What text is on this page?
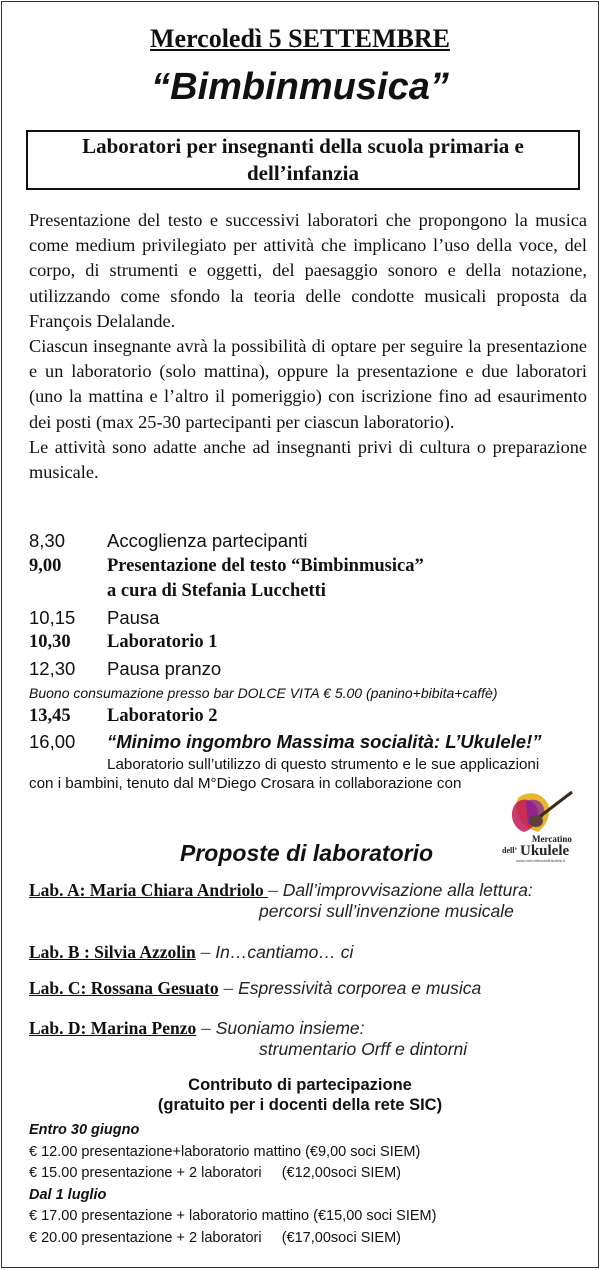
Mercoledì 5 SETTEMBRE
“Bimbinmusica”
Laboratori per insegnanti della scuola primaria e
dell’infanzia

Presentazione del testo e successivi laboratori che propongono la musica come medium privilegiato per attività che implicano l’uso della voce, del corpo, di strumenti e oggetti, del paesaggio sonoro e della notazione, utilizzando come sfondo la teoria delle condotte musicali proposta da François Delalande.

Ciascun insegnante avrà la possibilità di optare per seguire la presentazione e un laboratorio (solo mattina), oppure la presentazione e due laboratori (uno la mattina e l’altro il pomeriggio) con iscrizione fino ad esaurimento dei posti (max 25-30 partecipanti per ciascun laboratorio).

Le attività sono adatte anche ad insegnanti privi di cultura o preparazione musicale.

8,30	Accoglienza partecipanti
9,00	Presentazione del testo “Bimbinmusica”
a cura di Stefania Lucchetti
10,15	Pausa
10,30	Laboratorio 1
12,30	Pausa pranzo
Buono consumazione presso bar DOLCE VITA € 5.00 (panino+bibita+caffè)
13,45	Laboratorio 2
16,00	“Minimo ingombro Massima socialità: L’Ukulele!”
Laboratorio sull’utilizzo di questo strumento e le sue applicazioni
con i bambini, tenuto dal M°Diego Crosara in collaborazione con
Mercatino
dell’ Ukulele
www.mercatinodellukulele.it
Proposte di laboratorio
Lab. A: Maria Chiara Andriolo – Dall’improvvisazione alla lettura:
percorsi sull’invenzione musicale
Lab. B : Silvia Azzolin – In…cantiamo… ci
Lab. C: Rossana Gesuato – Espressività corporea e musica
Lab. D: Marina Penzo – Suoniamo insieme:
strumentario Orff e dintorni
Contributo di partecipazione
(gratuito per i docenti della rete SIC)
Entro 30 giugno
€ 12.00 presentazione+laboratorio mattino (€9,00 soci SIEM)
€ 15.00 presentazione + 2 laboratori     (€12,00soci SIEM)
Dal 1 luglio
€ 17.00 presentazione + laboratorio mattino (€15,00 soci SIEM)
€ 20.00 presentazione + 2 laboratori     (€17,00soci SIEM)
